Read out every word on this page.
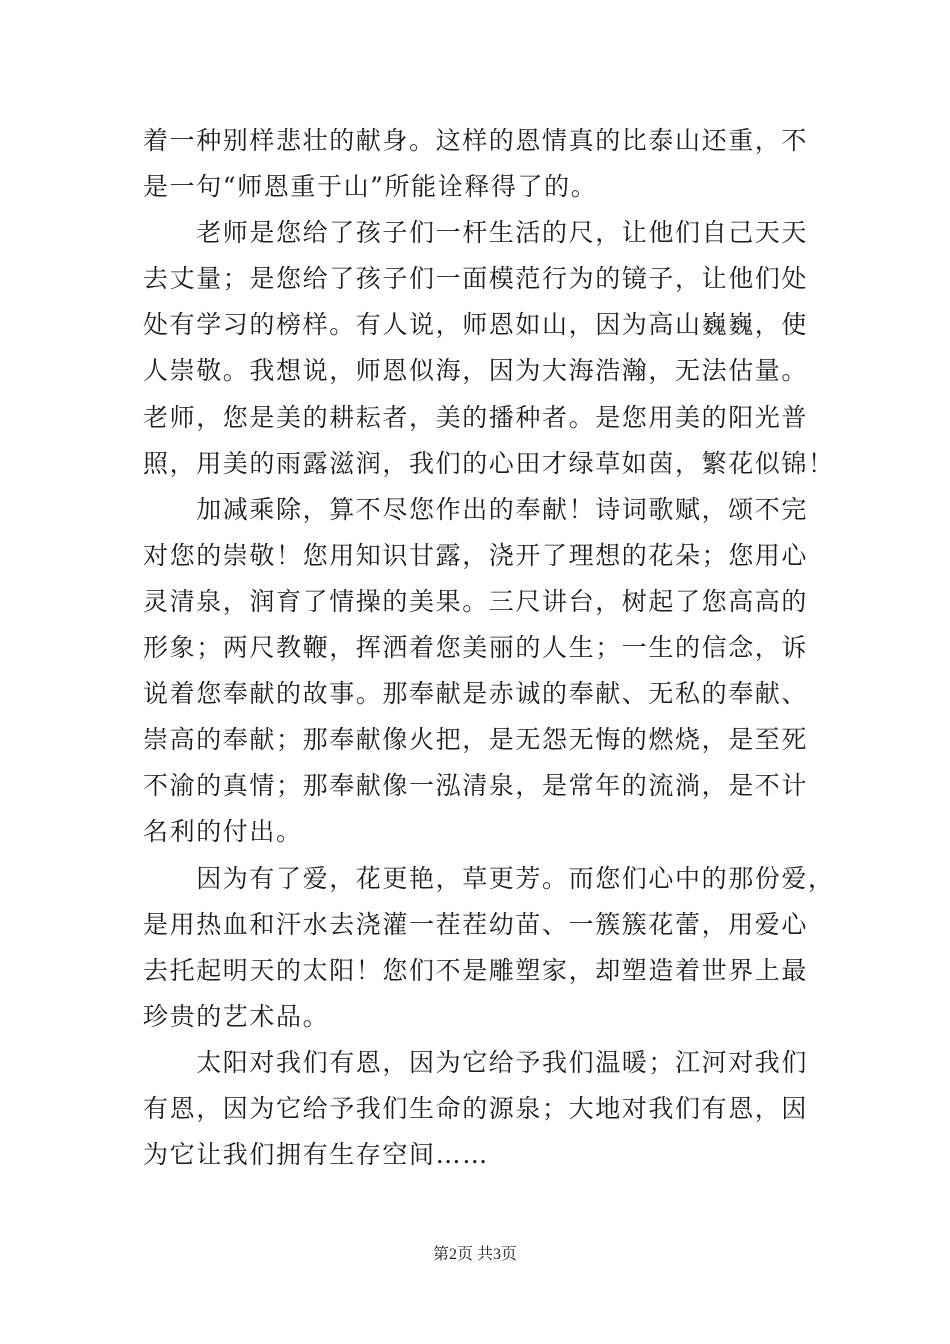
着一种别样悲壮的献身。这样的恩情真的比泰山还重，不
是一句“师恩重于山”所能诠释得了的。
　　老师是您给了孩子们一杆生活的尺，让他们自己天天
去丈量；是您给了孩子们一面模范行为的镜子，让他们处
处有学习的榜样。有人说，师恩如山，因为高山巍巍，使
人崇敬。我想说，师恩似海，因为大海浩瀚，无法估量。
老师，您是美的耕耘者，美的播种者。是您用美的阳光普
照，用美的雨露滋润，我们的心田才绿草如茵，繁花似锦！
　　加减乘除，算不尽您作出的奉献！诗词歌赋，颂不完
对您的崇敬！您用知识甘露，浇开了理想的花朵；您用心
灵清泉，润育了情操的美果。三尺讲台，树起了您高高的
形象；两尺教鞭，挥洒着您美丽的人生；一生的信念，诉
说着您奉献的故事。那奉献是赤诚的奉献、无私的奉献、
崇高的奉献；那奉献像火把，是无怨无悔的燃烧，是至死
不渝的真情；那奉献像一泓清泉，是常年的流淌，是不计
名利的付出。
　　因为有了爱，花更艳，草更芳。而您们心中的那份爱，
是用热血和汗水去浇灌一茬茬幼苗、一簇簇花蕾，用爱心
去托起明天的太阳！您们不是雕塑家，却塑造着世界上最
珍贵的艺术品。
　　太阳对我们有恩，因为它给予我们温暖；江河对我们
有恩，因为它给予我们生命的源泉；大地对我们有恩，因
为它让我们拥有生存空间……
第2页 共3页
